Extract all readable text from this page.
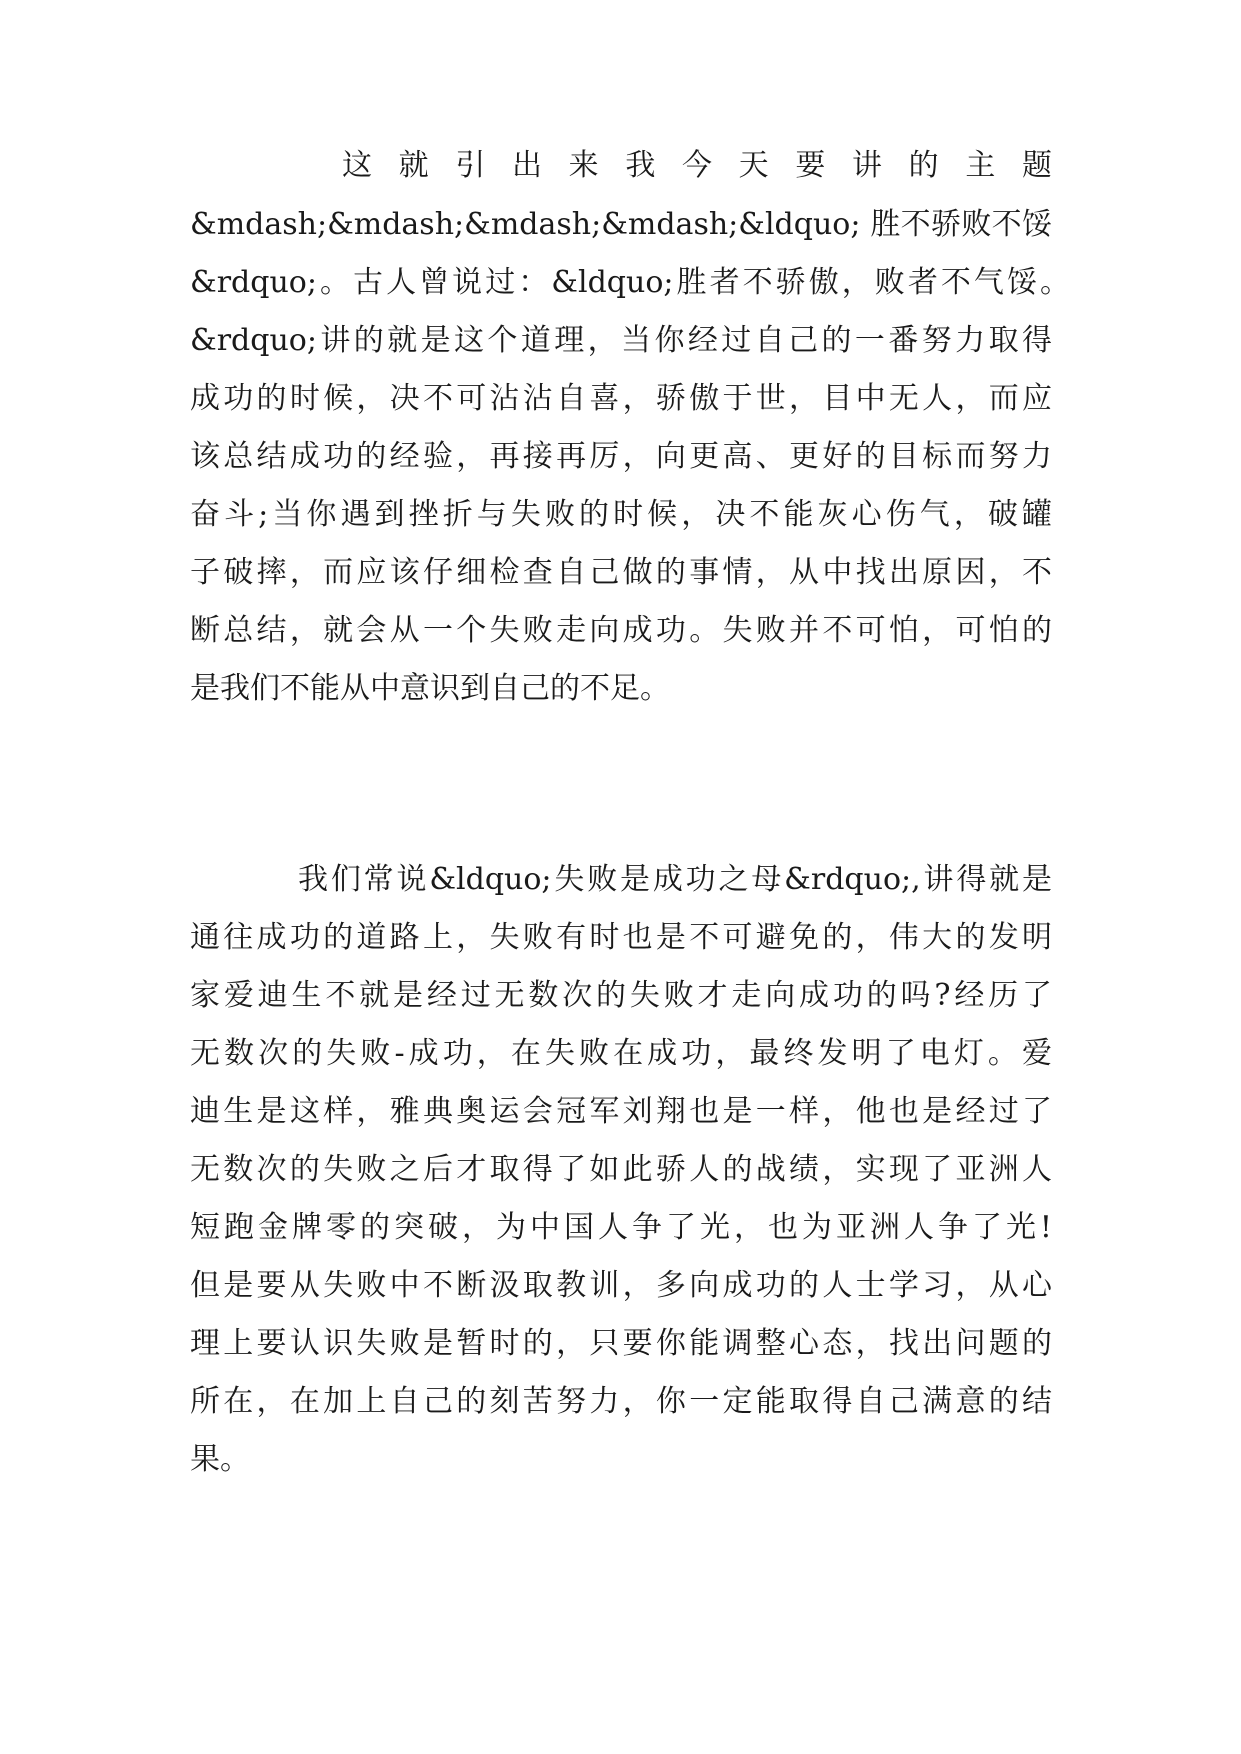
这就引出来我今天要讲的主题
&mdash;&mdash;&mdash;&mdash;&ldquo; 胜不骄败不馁
&rdquo;。古人曾说过：&ldquo;胜者不骄傲，败者不气馁。
&rdquo;讲的就是这个道理，当你经过自己的一番努力取得
成功的时候，决不可沾沾自喜，骄傲于世，目中无人，而应
该总结成功的经验，再接再厉，向更高、更好的目标而努力
奋斗;当你遇到挫折与失败的时候，决不能灰心伤气，破罐
子破摔，而应该仔细检查自己做的事情，从中找出原因，不
断总结，就会从一个失败走向成功。失败并不可怕，可怕的
是我们不能从中意识到自己的不足。
我们常说&ldquo;失败是成功之母&rdquo;,讲得就是
通往成功的道路上，失败有时也是不可避免的，伟大的发明
家爱迪生不就是经过无数次的失败才走向成功的吗?经历了
无数次的失败-成功，在失败在成功，最终发明了电灯。爱
迪生是这样，雅典奥运会冠军刘翔也是一样，他也是经过了
无数次的失败之后才取得了如此骄人的战绩，实现了亚洲人
短跑金牌零的突破，为中国人争了光，也为亚洲人争了光!
但是要从失败中不断汲取教训，多向成功的人士学习，从心
理上要认识失败是暂时的，只要你能调整心态，找出问题的
所在，在加上自己的刻苦努力，你一定能取得自己满意的结
果。
